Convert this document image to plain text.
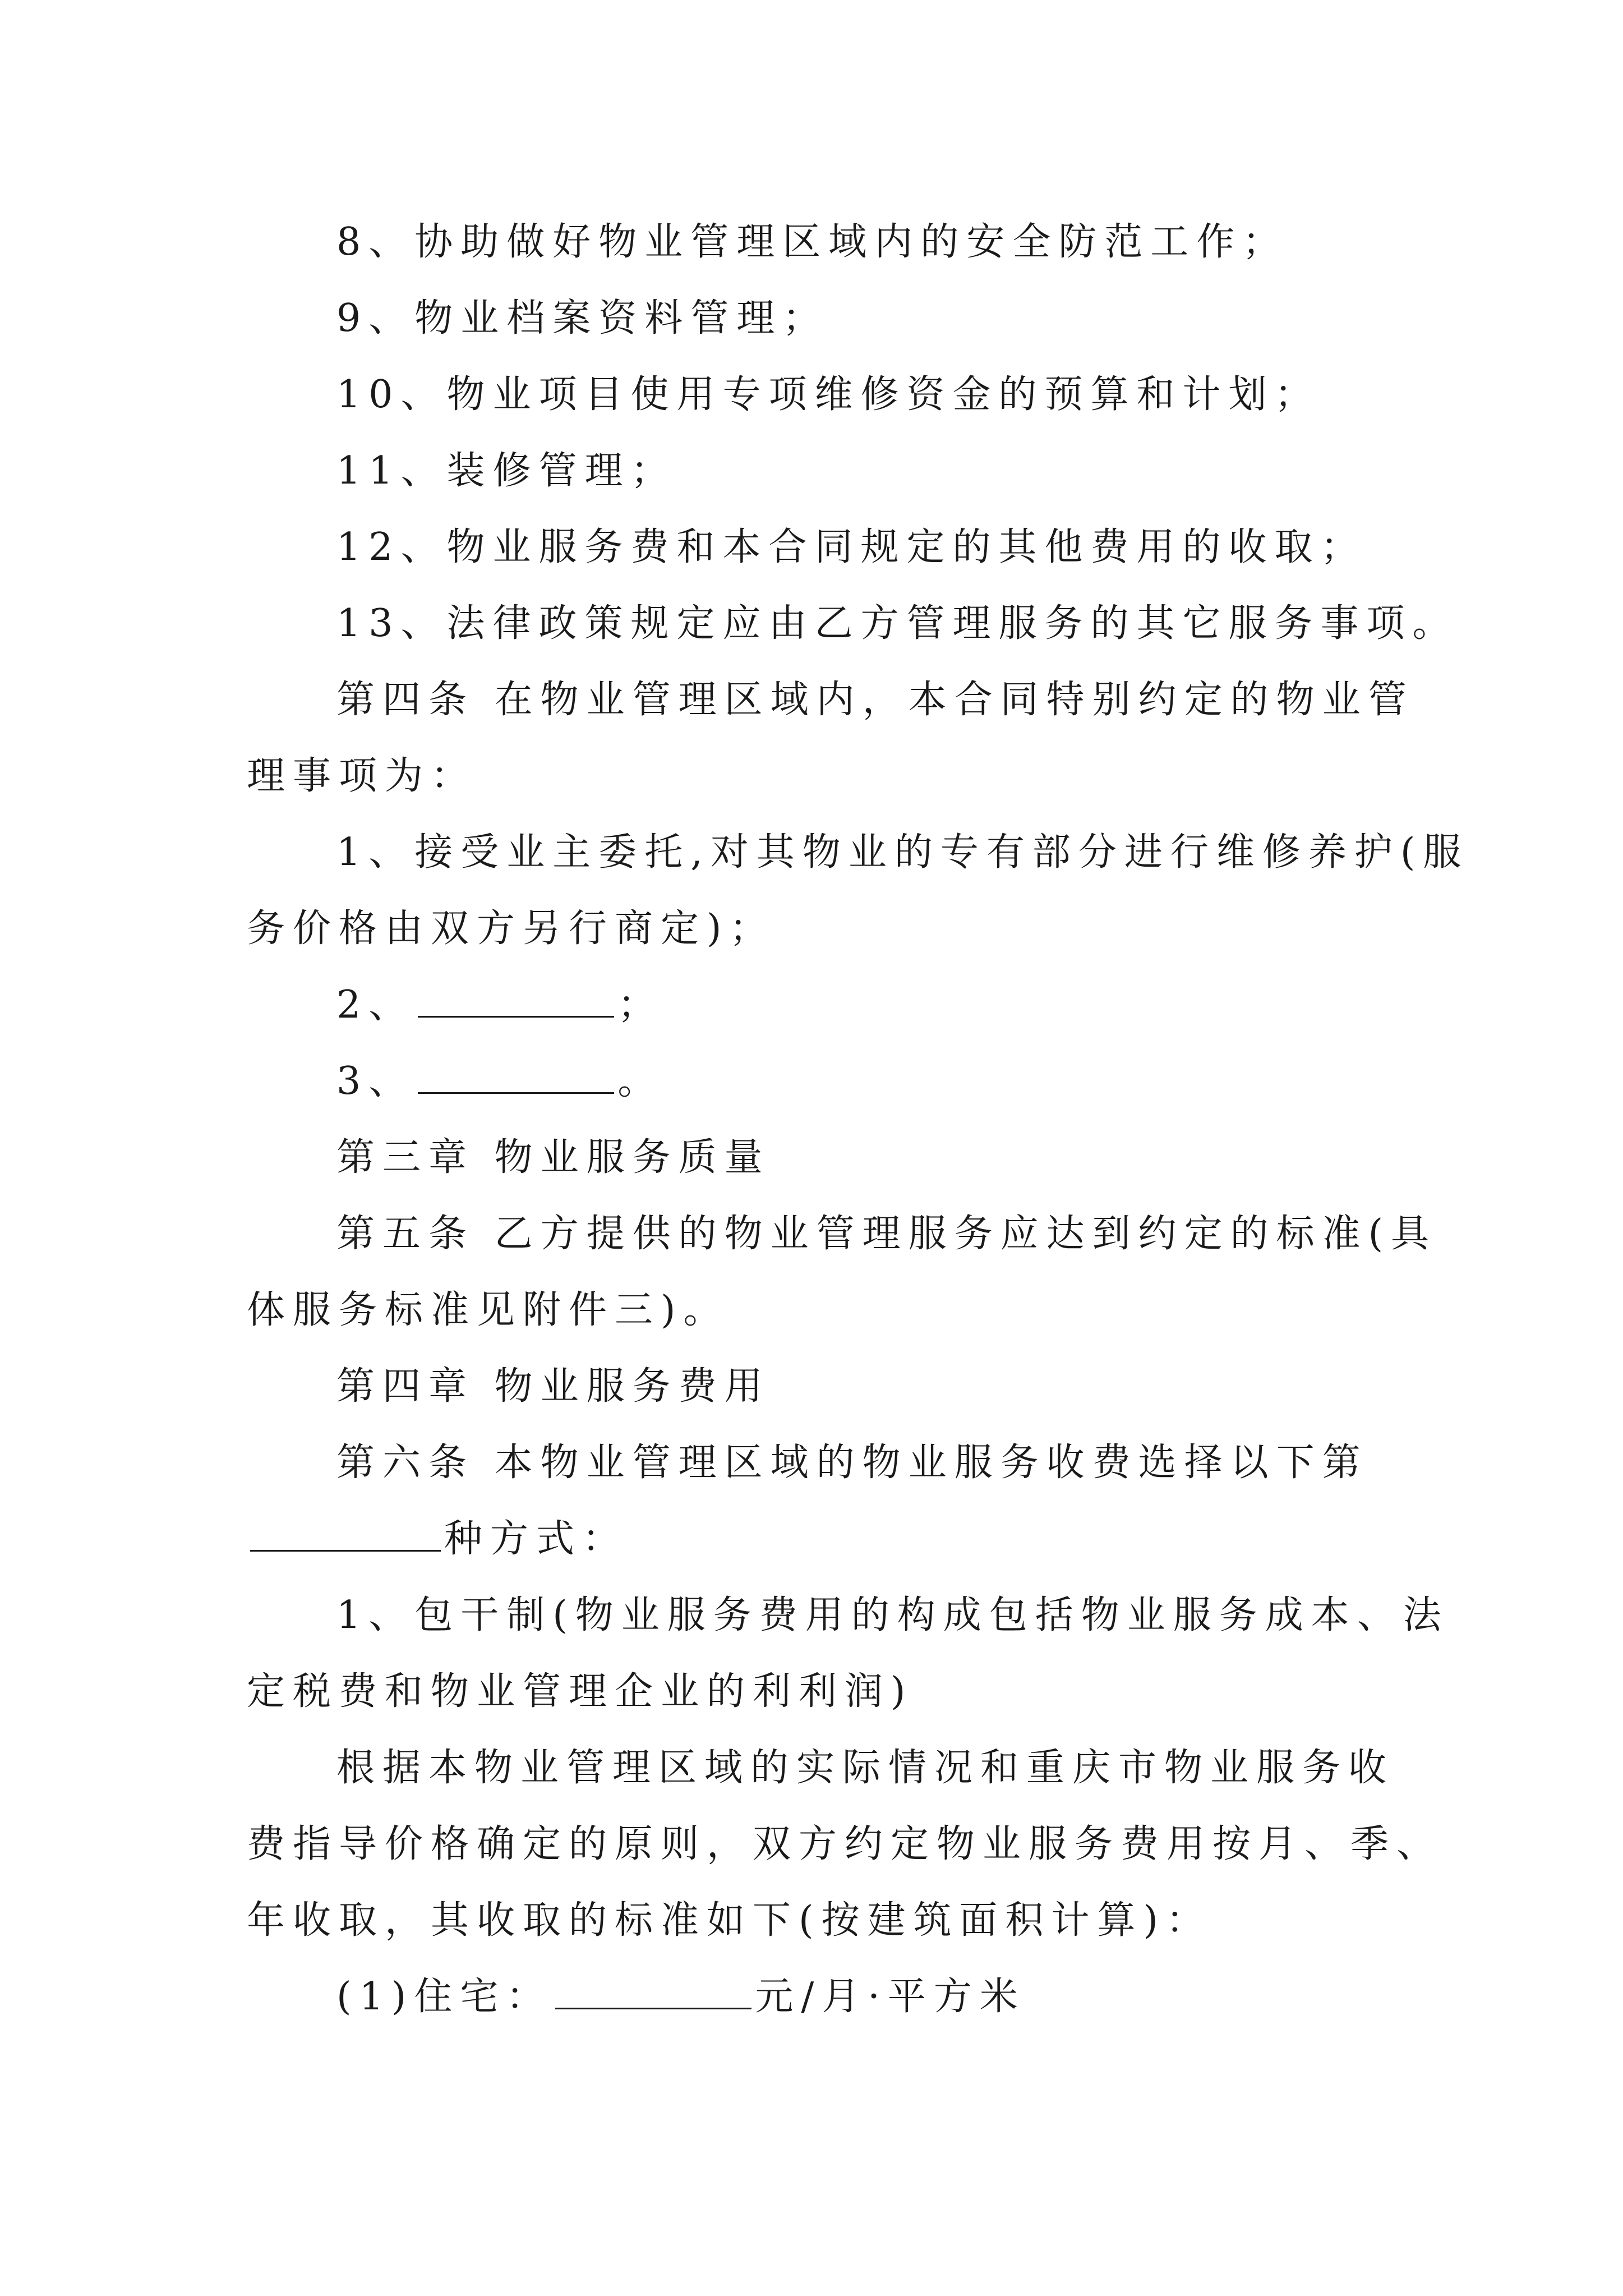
8、协助做好物业管理区域内的安全防范工作；
9、物业档案资料管理；
10、物业项目使用专项维修资金的预算和计划；
11、装修管理；
12、物业服务费和本合同规定的其他费用的收取；
13、法律政策规定应由乙方管理服务的其它服务事项。
第四条 在物业管理区域内，本合同特别约定的物业管
理事项为：
1、接受业主委托,对其物业的专有部分进行维修养护(服
务价格由双方另行商定)；
2、	；
3、	。
第三章 物业服务质量
第五条 乙方提供的物业管理服务应达到约定的标准(具
体服务标准见附件三)。
第四章 物业服务费用
第六条 本物业管理区域的物业服务收费选择以下第
种方式：
1、包干制(物业服务费用的构成包括物业服务成本、法
定税费和物业管理企业的利利润)
根据本物业管理区域的实际情况和重庆市物业服务收
费指导价格确定的原则，双方约定物业服务费用按月、季、
年收取，其收取的标准如下(按建筑面积计算)：
(1)住宅：	元/月·平方米
